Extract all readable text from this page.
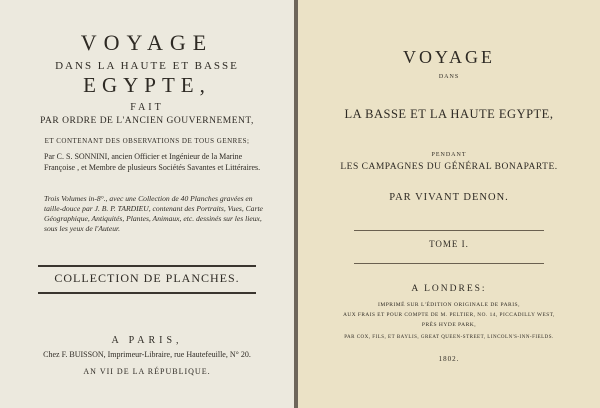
VOYAGE
DANS LA HAUTE ET BASSE
EGYPTE,
FAIT
PAR ORDRE DE L'ANCIEN GOUVERNEMENT,
ET CONTENANT DES OBSERVATIONS DE TOUS GENRES;
Par C. S. SONNINI, ancien Officier et Ingénieur de la Marine Françoise , et Membre de plusieurs Sociétés Savantes et Littéraires.
Trois Volumes in-8°., avec une Collection de 40 Planches gravées en taille-douce par J. B. P. TARDIEU, contenant des Portraits, Vues, Carte Géographique, Antiquités, Plantes, Animaux, etc. dessinés sur les lieux, sous les yeux de l'Auteur.
COLLECTION DE PLANCHES.
A PARIS,
Chez F. BUISSON, Imprimeur-Libraire, rue Hautefeuille, N° 20.
AN VII DE LA RÉPUBLIQUE.
VOYAGE
DANS
LA BASSE ET LA HAUTE EGYPTE,
PENDANT
LES CAMPAGNES DU GÉNÉRAL BONAPARTE.
PAR VIVANT DENON.
TOME I.
A LONDRES:
IMPRIMÉ SUR L'ÉDITION ORIGINALE DE PARIS,
AUX FRAIS ET POUR COMPTE DE M. PELTIER, NO. 14, PICCADILLY WEST,
PRÈS HYDE PARK,
PAR COX, FILS, ET BAYLIS, GREAT QUEEN-STREET, LINCOLN'S-INN-FIELDS.
1802.
